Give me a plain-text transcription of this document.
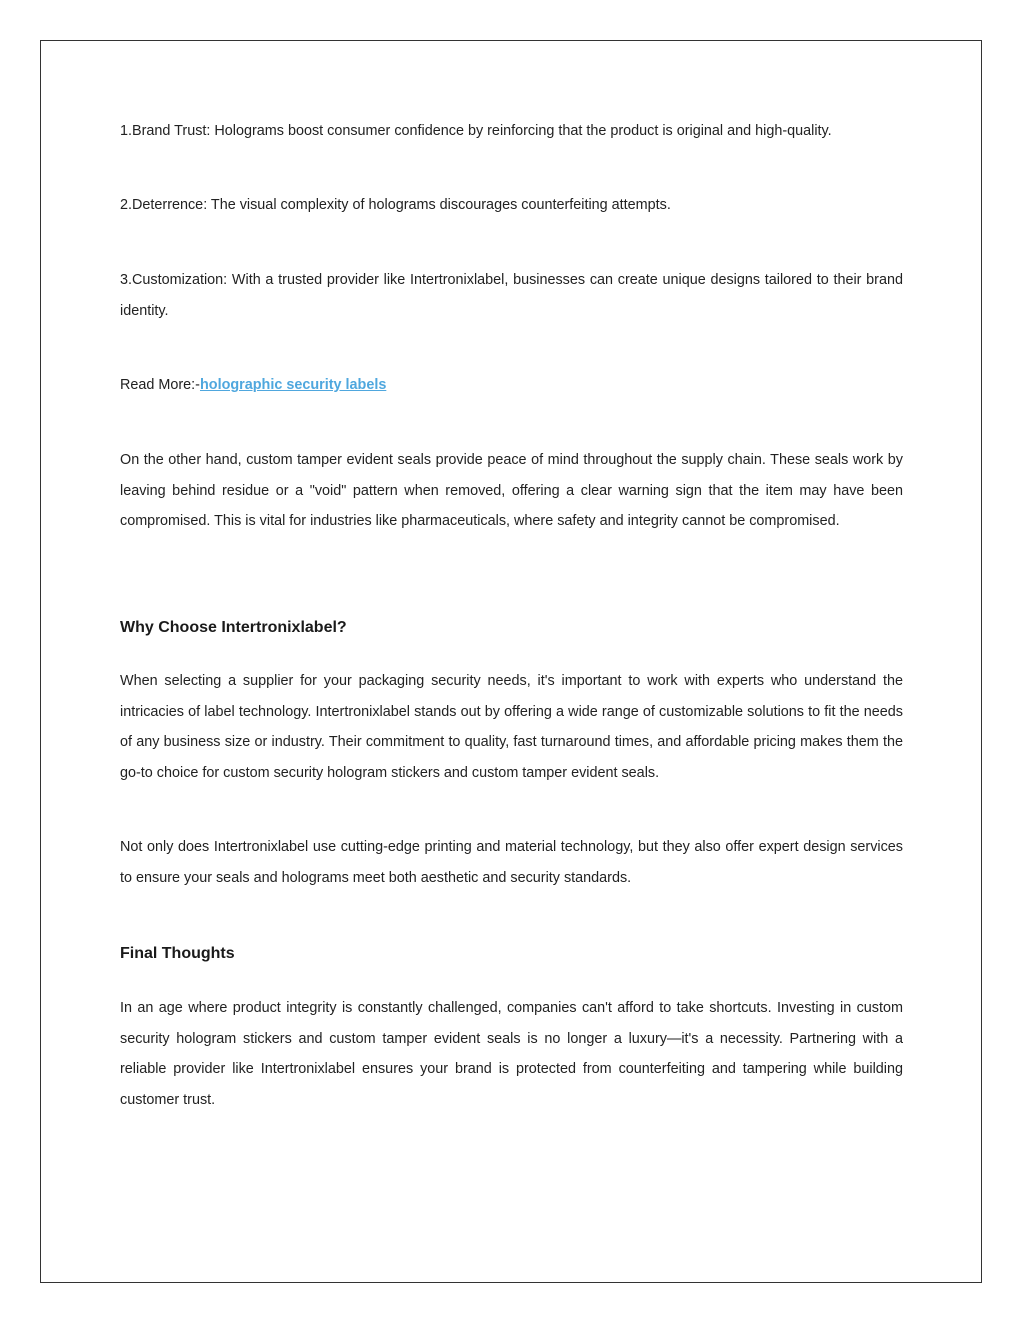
1.Brand Trust: Holograms boost consumer confidence by reinforcing that the product is original and high-quality.

2.Deterrence: The visual complexity of holograms discourages counterfeiting attempts.

3.Customization: With a trusted provider like Intertronixlabel, businesses can create unique designs tailored to their brand identity.

Read More:-holographic security labels

On the other hand, custom tamper evident seals provide peace of mind throughout the supply chain. These seals work by leaving behind residue or a "void" pattern when removed, offering a clear warning sign that the item may have been compromised. This is vital for industries like pharmaceuticals, where safety and integrity cannot be compromised.

Why Choose Intertronixlabel?

When selecting a supplier for your packaging security needs, it's important to work with experts who understand the intricacies of label technology. Intertronixlabel stands out by offering a wide range of customizable solutions to fit the needs of any business size or industry. Their commitment to quality, fast turnaround times, and affordable pricing makes them the go-to choice for custom security hologram stickers and custom tamper evident seals.

Not only does Intertronixlabel use cutting-edge printing and material technology, but they also offer expert design services to ensure your seals and holograms meet both aesthetic and security standards.

Final Thoughts

In an age where product integrity is constantly challenged, companies can't afford to take shortcuts. Investing in custom security hologram stickers and custom tamper evident seals is no longer a luxury—it's a necessity. Partnering with a reliable provider like Intertronixlabel ensures your brand is protected from counterfeiting and tampering while building customer trust.
